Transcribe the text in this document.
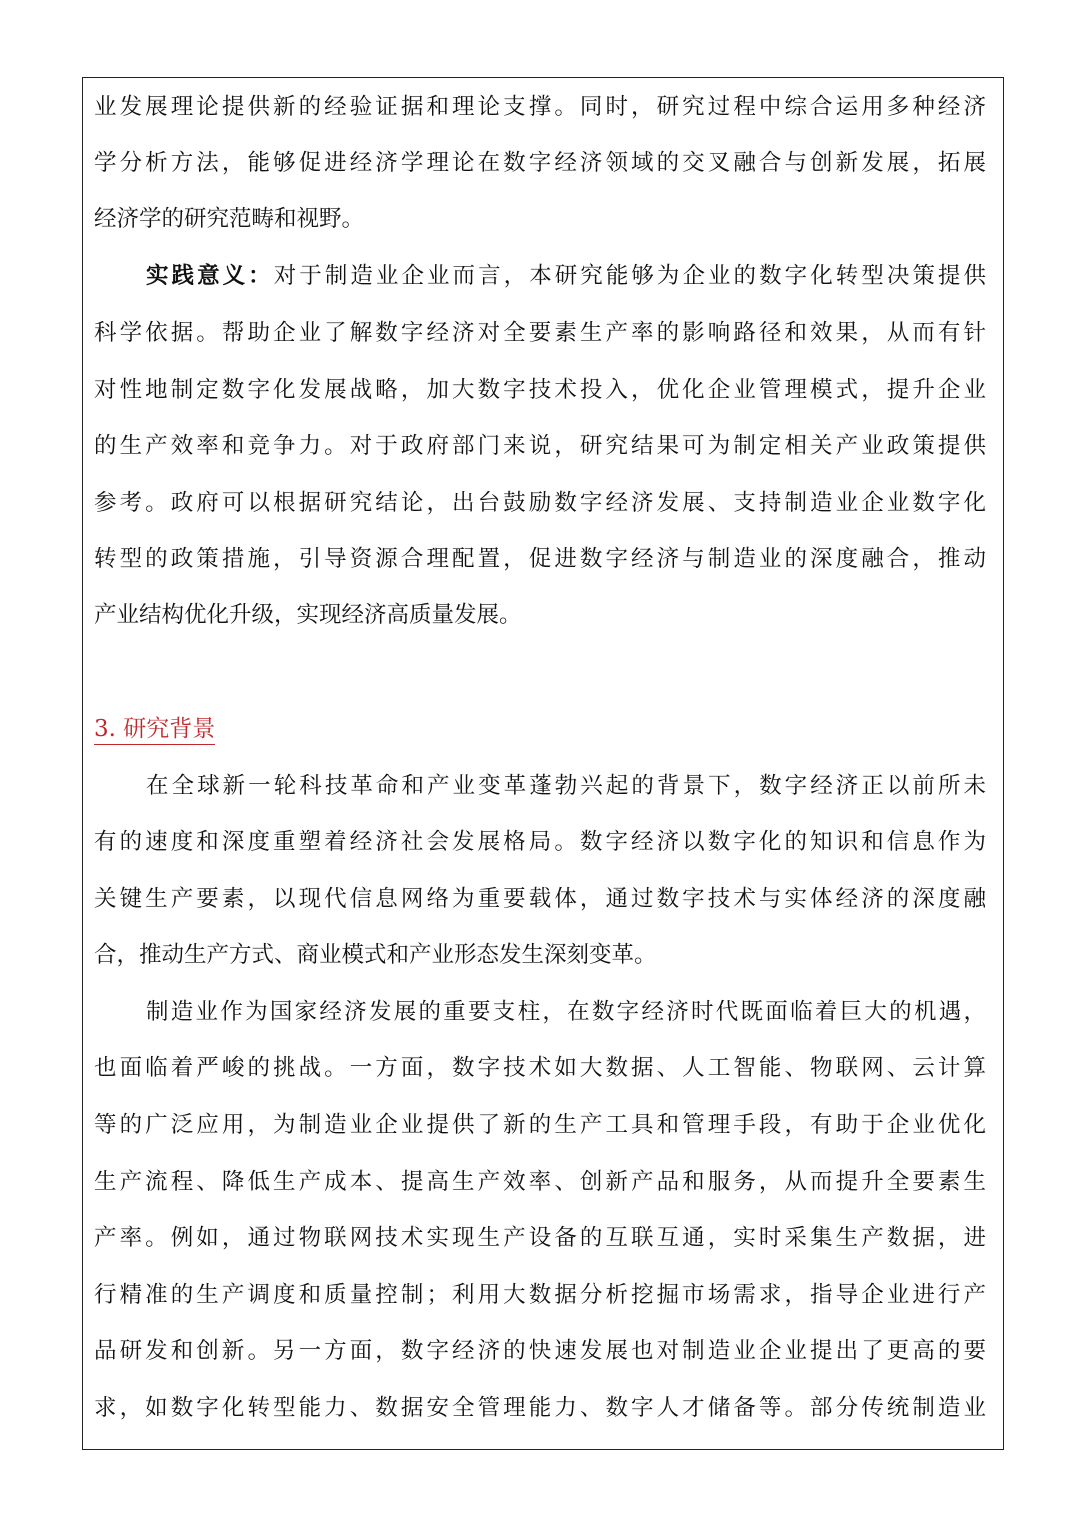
业发展理论提供新的经验证据和理论支撑。同时，研究过程中综合运用多种经济
学分析方法，能够促进经济学理论在数字经济领域的交叉融合与创新发展，拓展
经济学的研究范畴和视野。
实践意义：对于制造业企业而言，本研究能够为企业的数字化转型决策提供
科学依据。帮助企业了解数字经济对全要素生产率的影响路径和效果，从而有针
对性地制定数字化发展战略，加大数字技术投入，优化企业管理模式，提升企业
的生产效率和竞争力。对于政府部门来说，研究结果可为制定相关产业政策提供
参考。政府可以根据研究结论，出台鼓励数字经济发展、支持制造业企业数字化
转型的政策措施，引导资源合理配置，促进数字经济与制造业的深度融合，推动
产业结构优化升级，实现经济高质量发展。
3. 研究背景
在全球新一轮科技革命和产业变革蓬勃兴起的背景下，数字经济正以前所未
有的速度和深度重塑着经济社会发展格局。数字经济以数字化的知识和信息作为
关键生产要素，以现代信息网络为重要载体，通过数字技术与实体经济的深度融
合，推动生产方式、商业模式和产业形态发生深刻变革。
制造业作为国家经济发展的重要支柱，在数字经济时代既面临着巨大的机遇，
也面临着严峻的挑战。一方面，数字技术如大数据、人工智能、物联网、云计算
等的广泛应用，为制造业企业提供了新的生产工具和管理手段，有助于企业优化
生产流程、降低生产成本、提高生产效率、创新产品和服务，从而提升全要素生
产率。例如，通过物联网技术实现生产设备的互联互通，实时采集生产数据，进
行精准的生产调度和质量控制；利用大数据分析挖掘市场需求，指导企业进行产
品研发和创新。另一方面，数字经济的快速发展也对制造业企业提出了更高的要
求，如数字化转型能力、数据安全管理能力、数字人才储备等。部分传统制造业
